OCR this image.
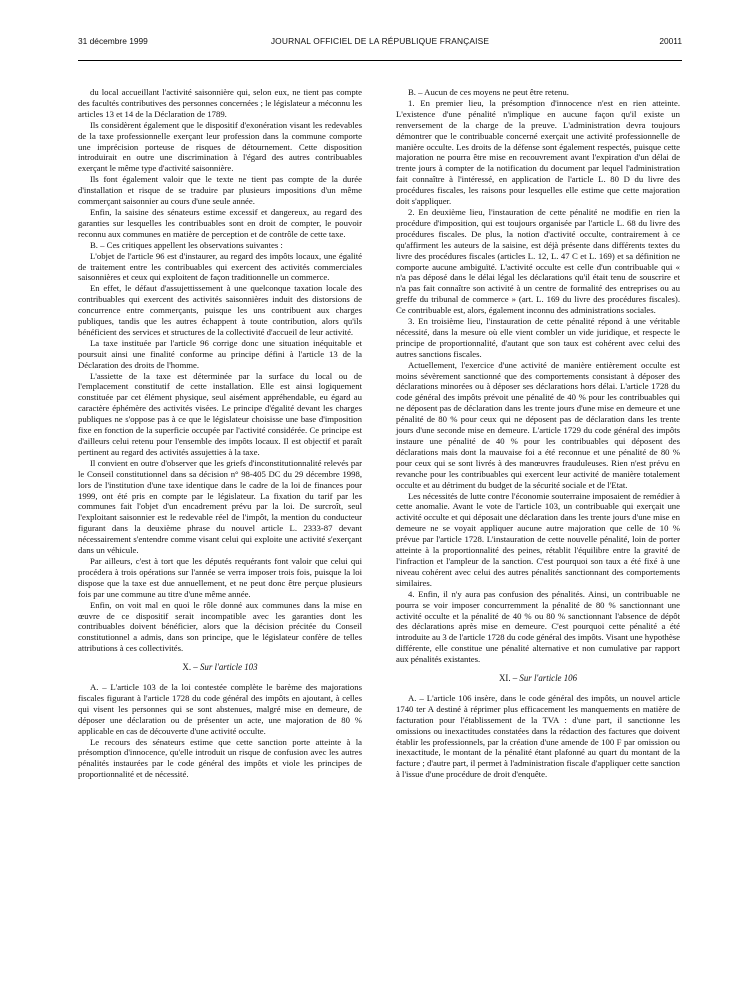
31 décembre 1999	JOURNAL OFFICIEL DE LA RÉPUBLIQUE FRANÇAISE	20011

du local accueillant l'activité saisonnière qui, selon eux, ne tient pas compte des facultés contributives des personnes concernées ; le législateur a méconnu les articles 13 et 14 de la Déclaration de 1789.

Ils considèrent également que le dispositif d'exonération visant les redevables de la taxe professionnelle exerçant leur profession dans la commune comporte une imprécision porteuse de risques de détournement. Cette disposition introduirait en outre une discrimination à l'égard des autres contribuables exerçant le même type d'activité saisonnière.

Ils font également valoir que le texte ne tient pas compte de la durée d'installation et risque de se traduire par plusieurs impositions d'un même commerçant saisonnier au cours d'une seule année.

Enfin, la saisine des sénateurs estime excessif et dangereux, au regard des garanties sur lesquelles les contribuables sont en droit de compter, le pouvoir reconnu aux communes en matière de perception et de contrôle de cette taxe.

B. – Ces critiques appellent les observations suivantes :

L'objet de l'article 96 est d'instaurer, au regard des impôts locaux, une égalité de traitement entre les contribuables qui exercent des activités commerciales saisonnières et ceux qui exploitent de façon traditionnelle un commerce.

En effet, le défaut d'assujettissement à une quelconque taxation locale des contribuables qui exercent des activités saisonnières induit des distorsions de concurrence entre commerçants, puisque les uns contribuent aux charges publiques, tandis que les autres échappent à toute contribution, alors qu'ils bénéficient des services et structures de la collectivité d'accueil de leur activité.

La taxe instituée par l'article 96 corrige donc une situation inéquitable et poursuit ainsi une finalité conforme au principe défini à l'article 13 de la Déclaration des droits de l'homme.

L'assiette de la taxe est déterminée par la surface du local ou de l'emplacement constitutif de cette installation. Elle est ainsi logiquement constituée par cet élément physique, seul aisément appréhendable, eu égard au caractère éphémère des activités visées. Le principe d'égalité devant les charges publiques ne s'oppose pas à ce que le législateur choisisse une base d'imposition fixe en fonction de la superficie occupée par l'activité considérée. Ce principe est d'ailleurs celui retenu pour l'ensemble des impôts locaux. Il est objectif et paraît pertinent au regard des activités assujetties à la taxe.

Il convient en outre d'observer que les griefs d'inconstitutionnalité relevés par le Conseil constitutionnel dans sa décision n° 98-405 DC du 29 décembre 1998, lors de l'institution d'une taxe identique dans le cadre de la loi de finances pour 1999, ont été pris en compte par le législateur. La fixation du tarif par les communes fait l'objet d'un encadrement prévu par la loi. De surcroît, seul l'exploitant saisonnier est le redevable réel de l'impôt, la mention du conducteur figurant dans la deuxième phrase du nouvel article L. 2333-87 devant nécessairement s'entendre comme visant celui qui exploite une activité s'exerçant dans un véhicule.

Par ailleurs, c'est à tort que les députés requérants font valoir que celui qui procédera à trois opérations sur l'année se verra imposer trois fois, puisque la loi dispose que la taxe est due annuellement, et ne peut donc être perçue plusieurs fois par une commune au titre d'une même année.

Enfin, on voit mal en quoi le rôle donné aux communes dans la mise en œuvre de ce dispositif serait incompatible avec les garanties dont les contribuables doivent bénéficier, alors que la décision précitée du Conseil constitutionnel a admis, dans son principe, que le législateur confère de telles attributions à ces collectivités.

X. – Sur l'article 103

A. – L'article 103 de la loi contestée complète le barème des majorations fiscales figurant à l'article 1728 du code général des impôts en ajoutant, à celles qui visent les personnes qui se sont abstenues, malgré mise en demeure, de déposer une déclaration ou de présenter un acte, une majoration de 80 % applicable en cas de découverte d'une activité occulte.

Le recours des sénateurs estime que cette sanction porte atteinte à la présomption d'innocence, qu'elle introduit un risque de confusion avec les autres pénalités instaurées par le code général des impôts et viole les principes de proportionnalité et de nécessité.

B. – Aucun de ces moyens ne peut être retenu.

1. En premier lieu, la présomption d'innocence n'est en rien atteinte. L'existence d'une pénalité n'implique en aucune façon qu'il existe un renversement de la charge de la preuve. L'administration devra toujours démontrer que le contribuable concerné exerçait une activité professionnelle de manière occulte. Les droits de la défense sont également respectés, puisque cette majoration ne pourra être mise en recouvrement avant l'expiration d'un délai de trente jours à compter de la notification du document par lequel l'administration fait connaître à l'intéressé, en application de l'article L. 80 D du livre des procédures fiscales, les raisons pour lesquelles elle estime que cette majoration doit s'appliquer.

2. En deuxième lieu, l'instauration de cette pénalité ne modifie en rien la procédure d'imposition, qui est toujours organisée par l'article L. 68 du livre des procédures fiscales. De plus, la notion d'activité occulte, contrairement à ce qu'affirment les auteurs de la saisine, est déjà présente dans différents textes du livre des procédures fiscales (articles L. 12, L. 47 C et L. 169) et sa définition ne comporte aucune ambiguïté. L'activité occulte est celle d'un contribuable qui « n'a pas déposé dans le délai légal les déclarations qu'il était tenu de souscrire et n'a pas fait connaître son activité à un centre de formalité des entreprises ou au greffe du tribunal de commerce » (art. L. 169 du livre des procédures fiscales). Ce contribuable est, alors, également inconnu des administrations sociales.

3. En troisième lieu, l'instauration de cette pénalité répond à une véritable nécessité, dans la mesure où elle vient combler un vide juridique, et respecte le principe de proportionnalité, d'autant que son taux est cohérent avec celui des autres sanctions fiscales.

Actuellement, l'exercice d'une activité de manière entièrement occulte est moins sévèrement sanctionné que des comportements consistant à déposer des déclarations minorées ou à déposer ses déclarations hors délai. L'article 1728 du code général des impôts prévoit une pénalité de 40 % pour les contribuables qui ne déposent pas de déclaration dans les trente jours d'une mise en demeure et une pénalité de 80 % pour ceux qui ne déposent pas de déclaration dans les trente jours d'une seconde mise en demeure. L'article 1729 du code général des impôts instaure une pénalité de 40 % pour les contribuables qui déposent des déclarations mais dont la mauvaise foi a été reconnue et une pénalité de 80 % pour ceux qui se sont livrés à des manœuvres frauduleuses. Rien n'est prévu en revanche pour les contribuables qui exercent leur activité de manière totalement occulte et au détriment du budget de la sécurité sociale et de l'Etat.

Les nécessités de lutte contre l'économie souterraine imposaient de remédier à cette anomalie. Avant le vote de l'article 103, un contribuable qui exerçait une activité occulte et qui déposait une déclaration dans les trente jours d'une mise en demeure ne se voyait appliquer aucune autre majoration que celle de 10 % prévue par l'article 1728. L'instauration de cette nouvelle pénalité, loin de porter atteinte à la proportionnalité des peines, rétablit l'équilibre entre la gravité de l'infraction et l'ampleur de la sanction. C'est pourquoi son taux a été fixé à une niveau cohérent avec celui des autres pénalités sanctionnant des comportements similaires.

4. Enfin, il n'y aura pas confusion des pénalités. Ainsi, un contribuable ne pourra se voir imposer concurremment la pénalité de 80 % sanctionnant une activité occulte et la pénalité de 40 % ou 80 % sanctionnant l'absence de dépôt des déclarations après mise en demeure. C'est pourquoi cette pénalité a été introduite au 3 de l'article 1728 du code général des impôts. Visant une hypothèse différente, elle constitue une pénalité alternative et non cumulative par rapport aux pénalités existantes.

XI. – Sur l'article 106

A. – L'article 106 insère, dans le code général des impôts, un nouvel article 1740 ter A destiné à réprimer plus efficacement les manquements en matière de facturation pour l'établissement de la TVA : d'une part, il sanctionne les omissions ou inexactitudes constatées dans la rédaction des factures que doivent établir les professionnels, par la création d'une amende de 100 F par omission ou inexactitude, le montant de la pénalité étant plafonné au quart du montant de la facture ; d'autre part, il permet à l'administration fiscale d'appliquer cette sanction à l'issue d'une procédure de droit d'enquête.
